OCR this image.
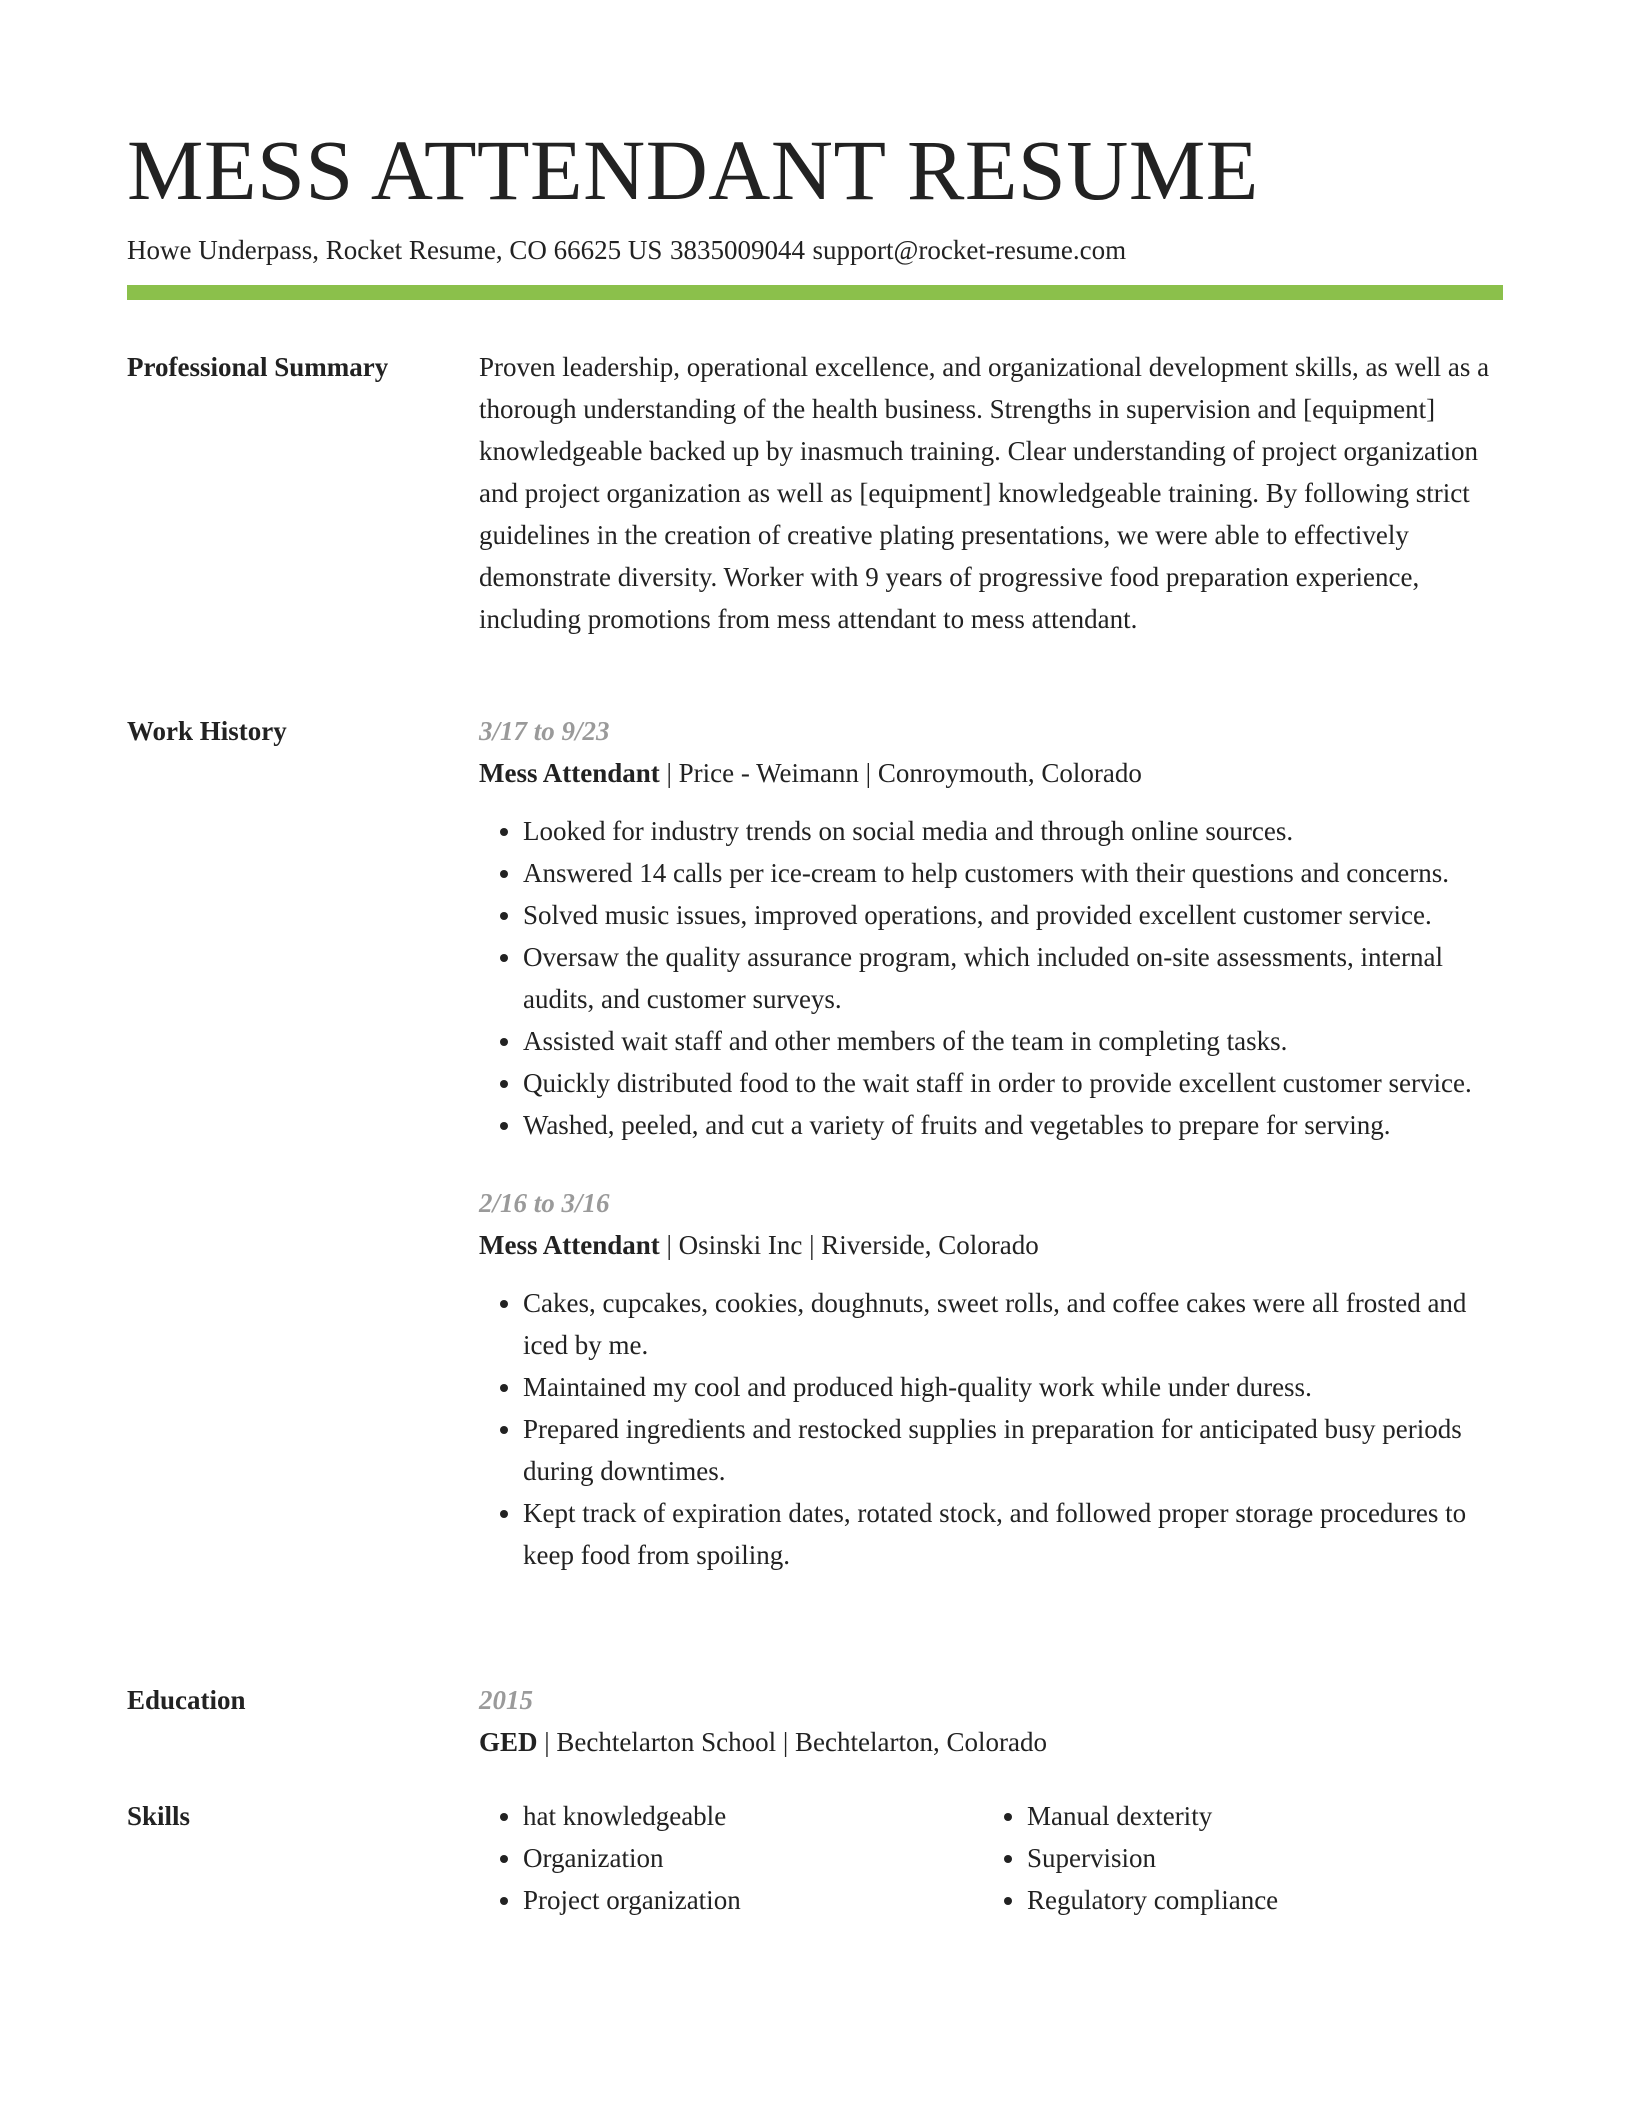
MESS ATTENDANT RESUME
Howe Underpass, Rocket Resume, CO 66625 US 3835009044 support@rocket-resume.com
Professional Summary	Proven leadership, operational excellence, and organizational development skills, as well as a thorough understanding of the health business. Strengths in supervision and [equipment] knowledgeable backed up by inasmuch training. Clear understanding of project organization and project organization as well as [equipment] knowledgeable training. By following strict guidelines in the creation of creative plating presentations, we were able to effectively demonstrate diversity. Worker with 9 years of progressive food preparation experience, including promotions from mess attendant to mess attendant.

Work History	3/17 to 9/23

Mess Attendant | Price - Weimann | Conroymouth, Colorado

• Looked for industry trends on social media and through online sources.
• Answered 14 calls per ice-cream to help customers with their questions and concerns.
• Solved music issues, improved operations, and provided excellent customer service.
• Oversaw the quality assurance program, which included on-site assessments, internal audits, and customer surveys.
• Assisted wait staff and other members of the team in completing tasks.
• Quickly distributed food to the wait staff in order to provide excellent customer service.
• Washed, peeled, and cut a variety of fruits and vegetables to prepare for serving.

2/16 to 3/16

Mess Attendant | Osinski Inc | Riverside, Colorado

• Cakes, cupcakes, cookies, doughnuts, sweet rolls, and coffee cakes were all frosted and iced by me.
• Maintained my cool and produced high-quality work while under duress.
• Prepared ingredients and restocked supplies in preparation for anticipated busy periods during downtimes.
• Kept track of expiration dates, rotated stock, and followed proper storage procedures to keep food from spoiling.
Education	2015

GED | Bechtelarton School | Bechtelarton, Colorado

Skills
•	hat knowledgeable
• Organization
• Project organization
• Manual dexterity
• Supervision
• Regulatory compliance
